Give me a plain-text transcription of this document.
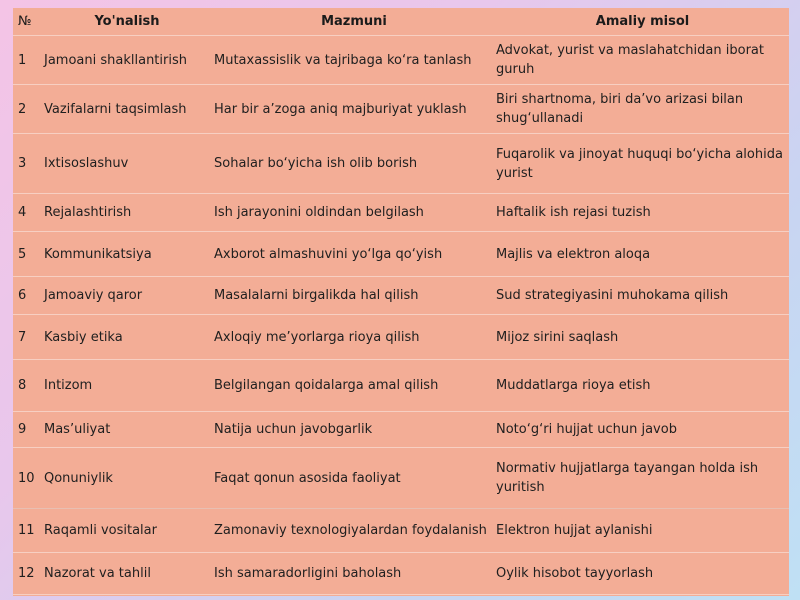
№	Yo'nalish	Mazmuni	Amaliy misol
1	Jamoani shakllantirish	Mutaxassislik va tajribaga ko‘ra tanlash	Advokat, yurist va maslahatchidan iborat guruh
2	Vazifalarni taqsimlash	Har bir a’zoga aniq majburiyat yuklash	Biri shartnoma, biri da’vo arizasi bilan shug‘ullanadi
3	Ixtisoslashuv	Sohalar bo‘yicha ish olib borish	Fuqarolik va jinoyat huquqi bo‘yicha alohida yurist
4	Rejalashtirish	Ish jarayonini oldindan belgilash	Haftalik ish rejasi tuzish
5	Kommunikatsiya	Axborot almashuvini yo‘lga qo‘yish	Majlis va elektron aloqa
6	Jamoaviy qaror	Masalalarni birgalikda hal qilish	Sud strategiyasini muhokama qilish
7	Kasbiy etika	Axloqiy me’yorlarga rioya qilish	Mijoz sirini saqlash
8	Intizom	Belgilangan qoidalarga amal qilish	Muddatlarga rioya etish
9	Mas’uliyat	Natija uchun javobgarlik	Noto‘g‘ri hujjat uchun javob
10	Qonuniylik	Faqat qonun asosida faoliyat	Normativ hujjatlarga tayangan holda ish yuritish
11	Raqamli vositalar	Zamonaviy texnologiyalardan foydalanish	Elektron hujjat aylanishi
12	Nazorat va tahlil	Ish samaradorligini baholash	Oylik hisobot tayyorlash
